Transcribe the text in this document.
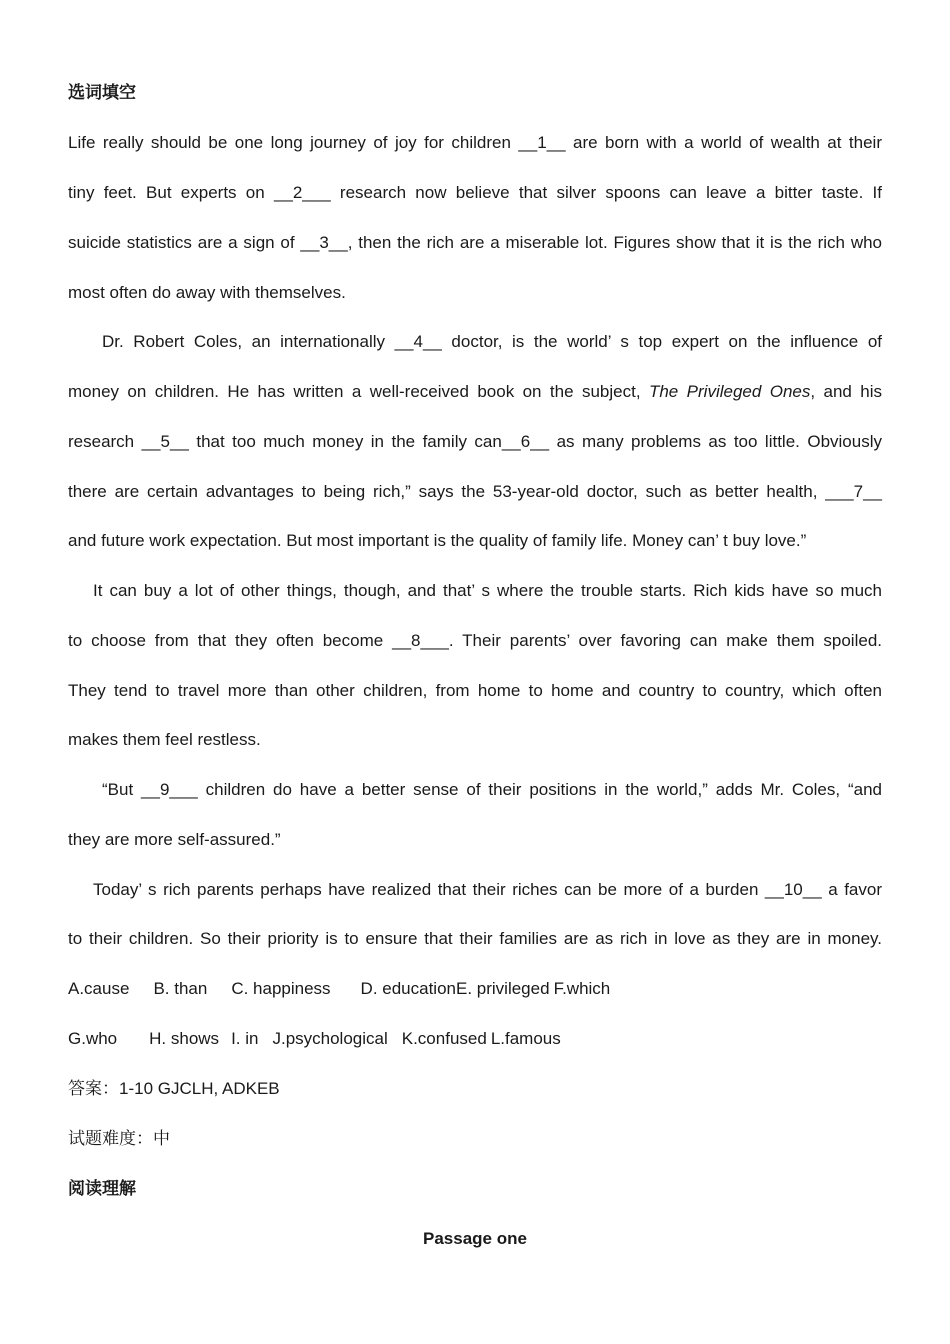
选词填空
Life really should be one long journey of joy for children __1__ are born with a world of wealth at their
tiny feet. But experts on __2___ research now believe that silver spoons can leave a bitter taste. If
suicide statistics are a sign of __3__, then the rich are a miserable lot. Figures show that it is the rich who
most often do away with themselves.
Dr. Robert Coles, an internationally __4__ doctor, is the world’ s top expert on the influence of
money on children. He has written a well-received book on the subject, The Privileged Ones, and his
research __5__ that too much money in the family can__6__ as many problems as too little. Obviously
there are certain advantages to being rich,” says the 53-year-old doctor, such as better health, ___7__
and future work expectation. But most important is the quality of family life. Money can’ t buy love.”
It can buy a lot of other things, though, and that’ s where the trouble starts. Rich kids have so much
to choose from that they often become __8___. Their parents’ over favoring can make them spoiled.
They tend to travel more than other children, from home to home and country to country, which often
makes them feel restless.
“But __9___ children do have a better sense of their positions in the world,” adds Mr. Coles, “and
they are more self-assured.”
Today’ s rich parents perhaps have realized that their riches can be more of a burden __10__ a favor
to their children. So their priority is to ensure that their families are as rich in love as they are in money.
A.cause B. than C. happiness D. educationE. privileged F.which
G.who H. shows I. in J.psychological K.confused L.famous
答案：1-10 GJCLH, ADKEB
试题难度：中
阅读理解
Passage one
